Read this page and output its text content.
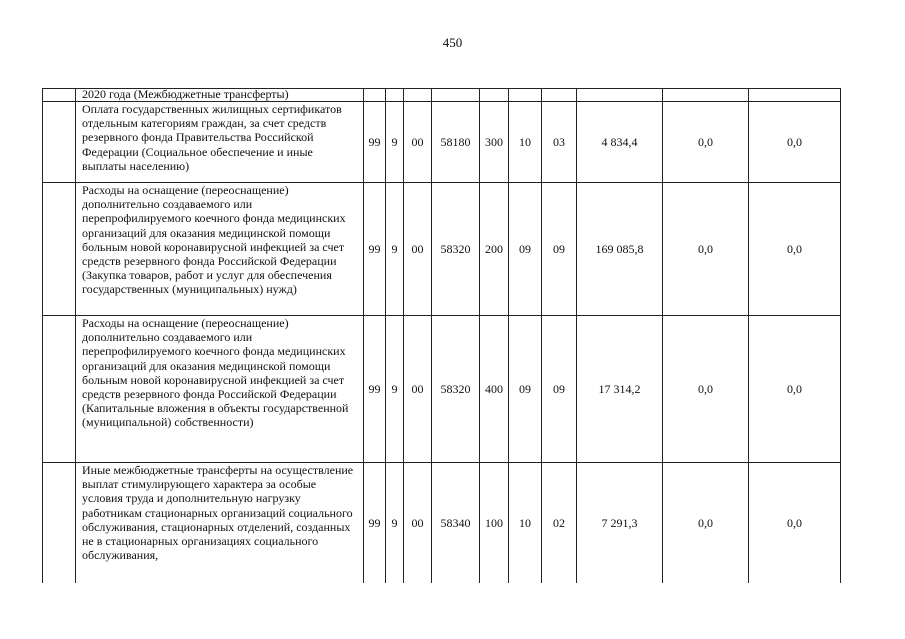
450
	2020 года (Межбюджетные трансферты)										
	Оплата государственных жилищных сертификатов отдельным категориям граждан, за счет средств резервного фонда Правительства Российской Федерации (Социальное обеспечение и иные выплаты населению)	99	9	00	58180	300	10	03	4 834,4	0,0	0,0
	Расходы на оснащение (переоснащение) дополнительно создаваемого или перепрофилируемого коечного фонда медицинских организаций для оказания медицинской помощи больным новой коронавирусной инфекцией за счет средств резервного фонда Российской Федерации (Закупка товаров, работ и услуг для обеспечения государственных (муниципальных) нужд)	99	9	00	58320	200	09	09	169 085,8	0,0	0,0
	Расходы на оснащение (переоснащение) дополнительно создаваемого или перепрофилируемого коечного фонда медицинских организаций для оказания медицинской помощи больным новой коронавирусной инфекцией за счет средств резервного фонда Российской Федерации (Капитальные вложения в объекты государственной (муниципальной) собственности)	99	9	00	58320	400	09	09	17 314,2	0,0	0,0
	Иные межбюджетные трансферты на осуществление выплат стимулирующего характера за особые условия труда и дополнительную нагрузку работникам стационарных организаций социального обслуживания, стационарных отделений, созданных не в стационарных организациях социального обслуживания,	99	9	00	58340	100	10	02	7 291,3	0,0	0,0
